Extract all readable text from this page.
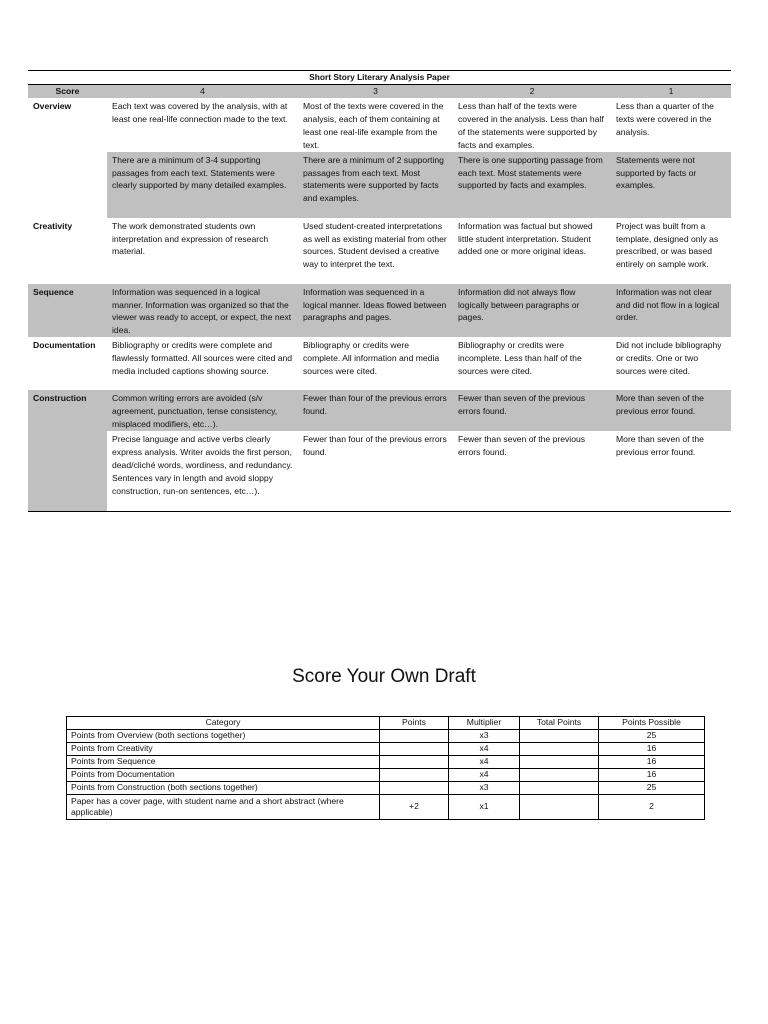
Short Story Literary Analysis Paper				
Score	4	3	2	1
Overview	Each text was covered by the analysis, with at least one real-life connection made to the text.	Most of the texts were covered in the analysis, each of them containing at least one real-life example from the text.	Less than half of the texts were covered in the analysis. Less than half of the statements were supported by facts and examples.	Less than a quarter of the texts were covered in the analysis.
	There are a minimum of 3-4 supporting passages from each text. Statements were clearly supported by many detailed examples.	There are a minimum of 2 supporting passages from each text. Most statements were supported by facts and examples.	There is one supporting passage from each text. Most statements were supported by facts and examples.	Statements were not supported by facts or examples.
Creativity	The work demonstrated students own interpretation and expression of research material.	Used student-created interpretations as well as existing material from other sources. Student devised a creative way to interpret the text.	Information was factual but showed little student interpretation. Student added one or more original ideas.	Project was built from a template, designed only as prescribed, or was based entirely on sample work.
Sequence	Information was sequenced in a logical manner. Information was organized so that the viewer was ready to accept, or expect, the next idea.	Information was sequenced in a logical manner. Ideas flowed between paragraphs and pages.	Information did not always flow logically between paragraphs or pages.	Information was not clear and did not flow in a logical order.
Documentation	Bibliography or credits were complete and flawlessly formatted. All sources were cited and media included captions showing source.	Bibliography or credits were complete. All information and media sources were cited.	Bibliography or credits were incomplete. Less than half of the sources were cited.	Did not include bibliography or credits. One or two sources were cited.
Construction	Common writing errors are avoided (s/v agreement, punctuation, tense consistency, misplaced modifiers, etc…).	Fewer than four of the previous errors found.	Fewer than seven of the previous errors found.	More than seven of the previous error found.
	Precise language and active verbs clearly express analysis. Writer avoids the first person, dead/cliché words, wordiness, and redundancy. Sentences vary in length and avoid sloppy construction, run-on sentences, etc…).	Fewer than four of the previous errors found.	Fewer than seven of the previous errors found.	More than seven of the previous error found.
Score Your Own Draft
Category	Points	Multiplier	Total Points	Points Possible
Points from Overview (both sections together)		x3		25
Points from Creativity		x4		16
Points from Sequence		x4		16
Points from Documentation		x4		16
Points from Construction (both sections together)		x3		25
Paper has a cover page, with student name and a short abstract (where applicable)	+2	x1		2
